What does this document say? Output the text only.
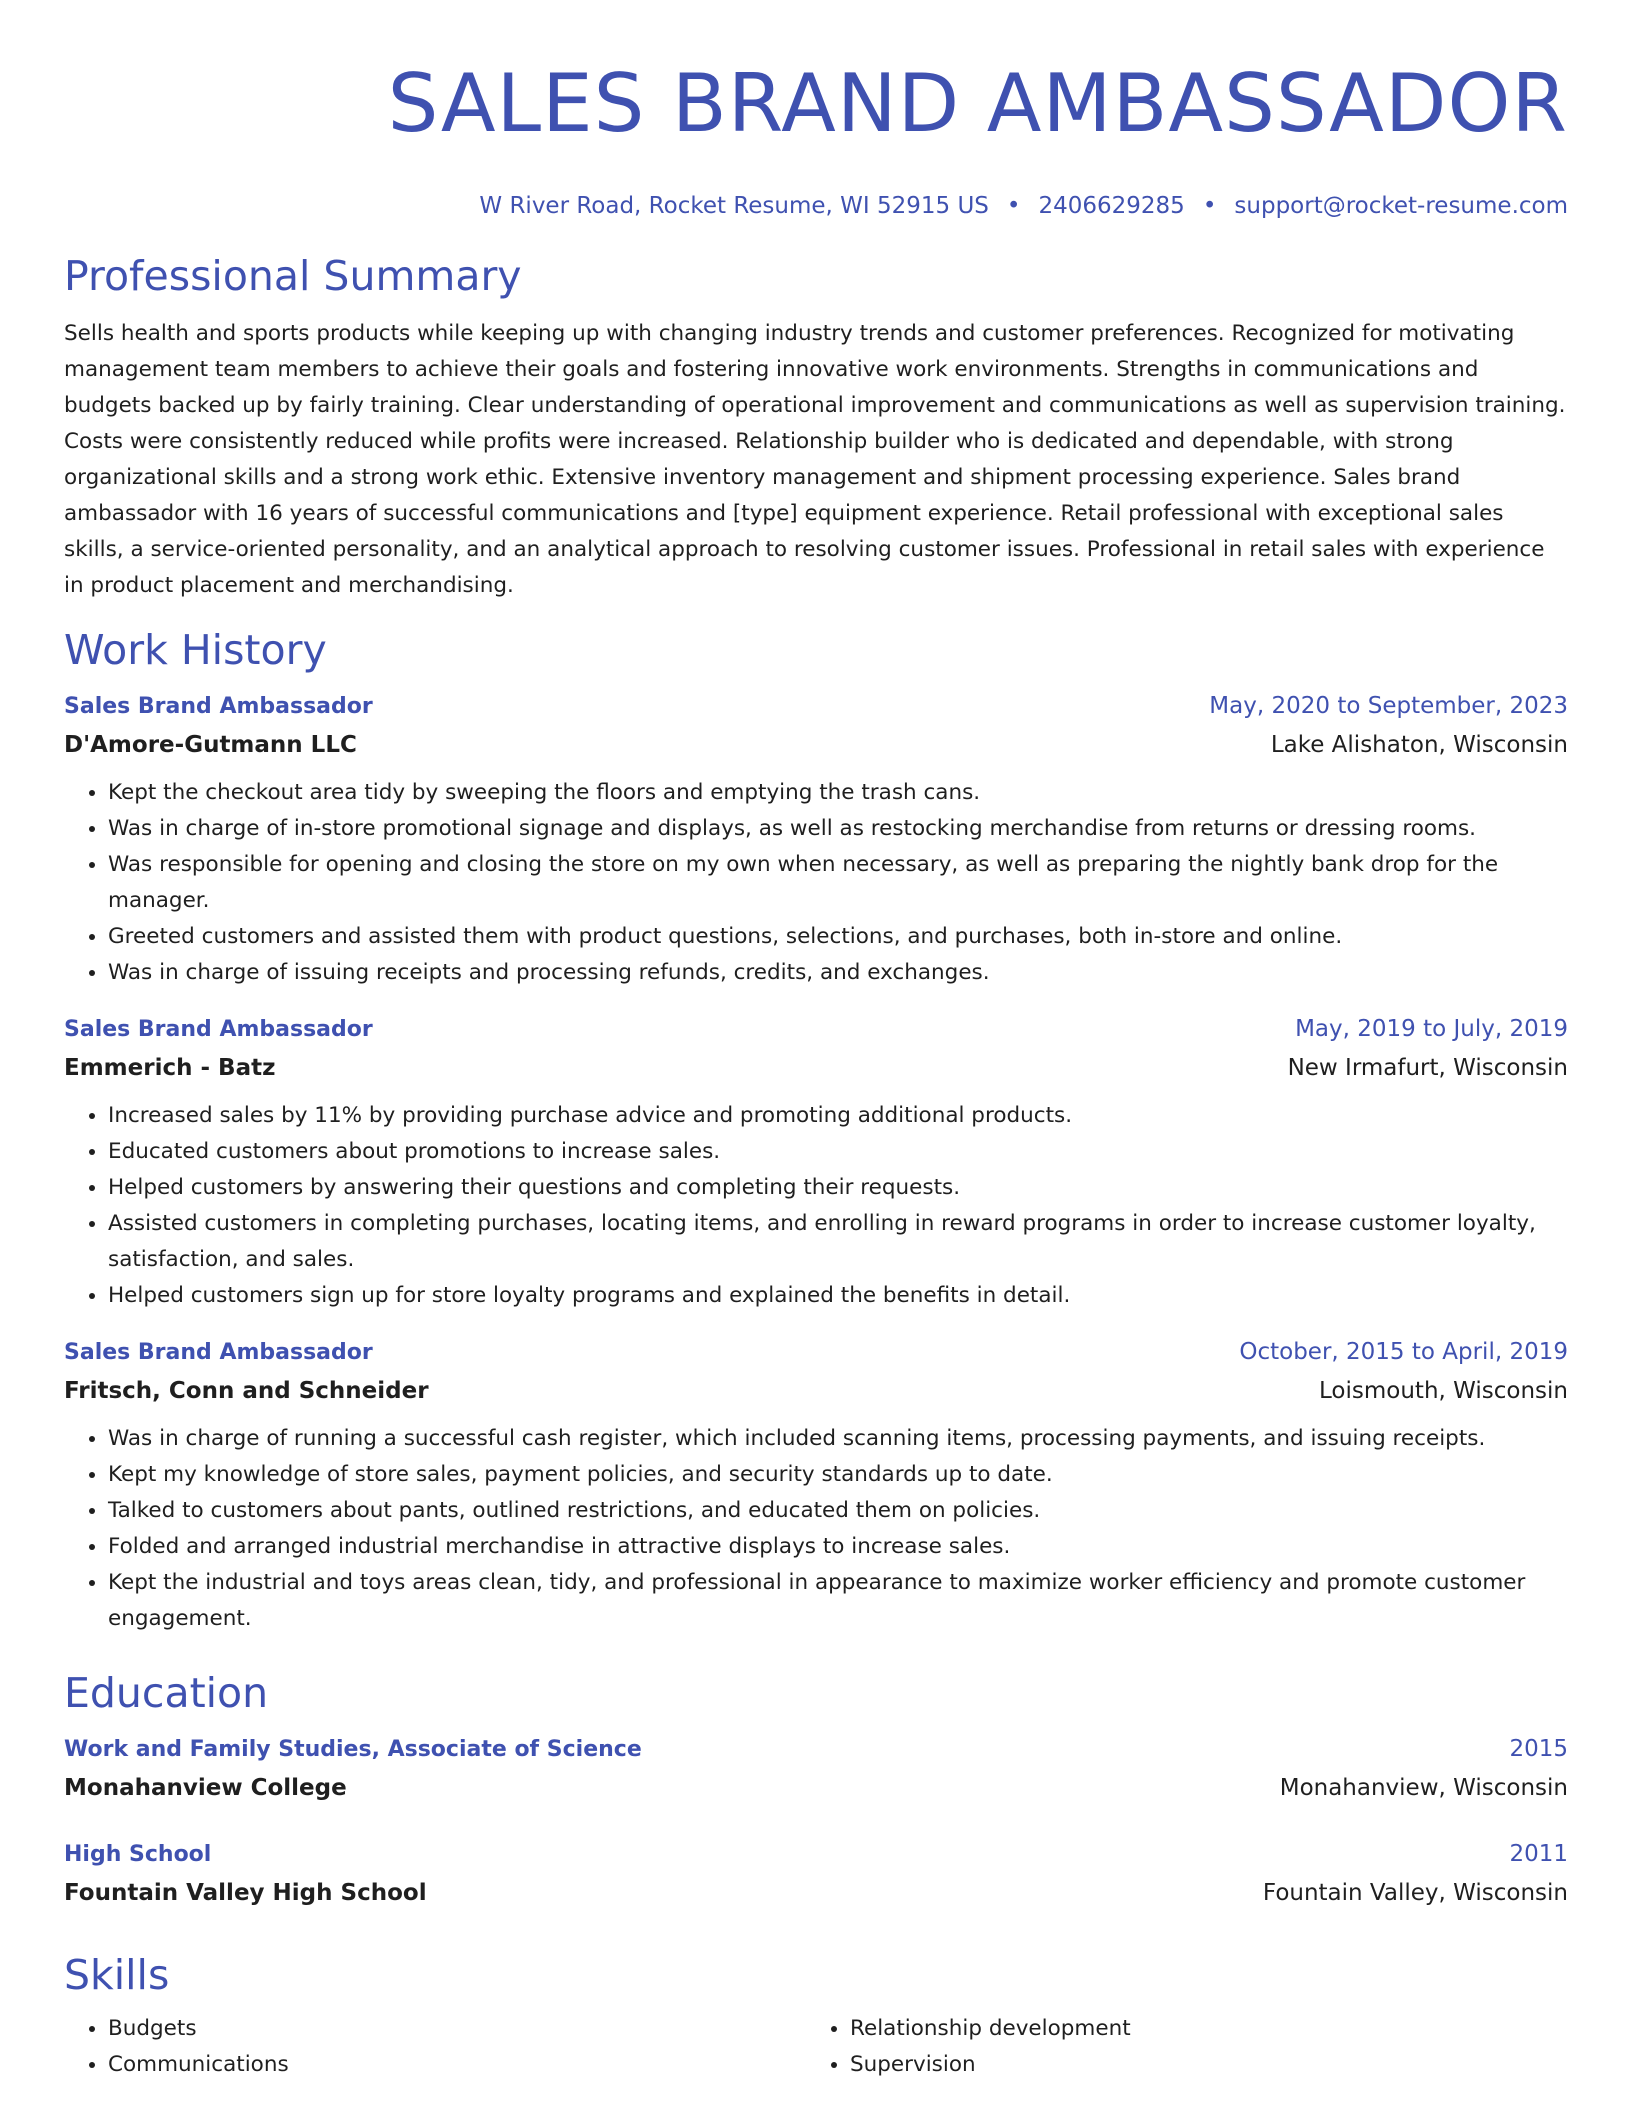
SALES BRAND AMBASSADOR
W River Road, Rocket Resume, WI 52915 US • 2406629285 • support@rocket-resume.com
Professional Summary
Sells health and sports products while keeping up with changing industry trends and customer preferences. Recognized for motivating management team members to achieve their goals and fostering innovative work environments. Strengths in communications and budgets backed up by fairly training. Clear understanding of operational improvement and communications as well as supervision training. Costs were consistently reduced while profits were increased. Relationship builder who is dedicated and dependable, with strong organizational skills and a strong work ethic. Extensive inventory management and shipment processing experience. Sales brand ambassador with 16 years of successful communications and [type] equipment experience. Retail professional with exceptional sales skills, a service-oriented personality, and an analytical approach to resolving customer issues. Professional in retail sales with experience in product placement and merchandising.
Work History
Sales Brand Ambassador	May, 2020 to September, 2023
D'Amore-Gutmann LLC	Lake Alishaton, Wisconsin
• Kept the checkout area tidy by sweeping the floors and emptying the trash cans.
• Was in charge of in-store promotional signage and displays, as well as restocking merchandise from returns or dressing rooms.
• Was responsible for opening and closing the store on my own when necessary, as well as preparing the nightly bank drop for the manager.
• Greeted customers and assisted them with product questions, selections, and purchases, both in-store and online.
• Was in charge of issuing receipts and processing refunds, credits, and exchanges.
Sales Brand Ambassador	May, 2019 to July, 2019
Emmerich - Batz	New Irmafurt, Wisconsin
• Increased sales by 11% by providing purchase advice and promoting additional products.
• Educated customers about promotions to increase sales.
• Helped customers by answering their questions and completing their requests.
• Assisted customers in completing purchases, locating items, and enrolling in reward programs in order to increase customer loyalty, satisfaction, and sales.
• Helped customers sign up for store loyalty programs and explained the benefits in detail.
Sales Brand Ambassador	October, 2015 to April, 2019
Fritsch, Conn and Schneider	Loismouth, Wisconsin
• Was in charge of running a successful cash register, which included scanning items, processing payments, and issuing receipts.
• Kept my knowledge of store sales, payment policies, and security standards up to date.
• Talked to customers about pants, outlined restrictions, and educated them on policies.
• Folded and arranged industrial merchandise in attractive displays to increase sales.
• Kept the industrial and toys areas clean, tidy, and professional in appearance to maximize worker efficiency and promote customer engagement.
Education
Work and Family Studies, Associate of Science	2015
Monahanview College	Monahanview, Wisconsin
High School	2011
Fountain Valley High School	Fountain Valley, Wisconsin
Skills
• Budgets
• Communications
• Relationship development
• Supervision
